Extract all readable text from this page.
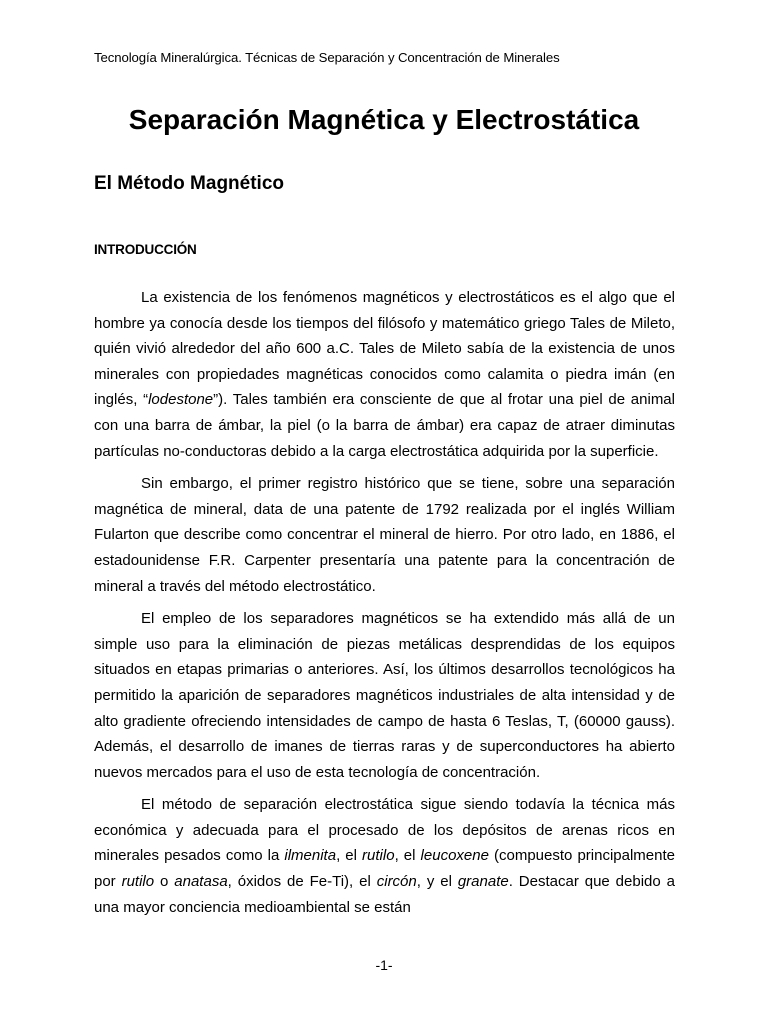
Tecnología Mineralúrgica. Técnicas de Separación y Concentración de Minerales
Separación Magnética y Electrostática
El Método Magnético
INTRODUCCIÓN

La existencia de los fenómenos magnéticos y electrostáticos es el algo que el hombre ya conocía desde los tiempos del filósofo y matemático griego Tales de Mileto, quién vivió alrededor del año 600 a.C. Tales de Mileto sabía de la existencia de unos minerales con propiedades magnéticas conocidos como calamita o piedra imán (en inglés, “lodestone”). Tales también era consciente de que al frotar una piel de animal con una barra de ámbar, la piel (o la barra de ámbar) era capaz de atraer diminutas partículas no-conductoras debido a la carga electrostática adquirida por la superficie.

Sin embargo, el primer registro histórico que se tiene, sobre una separación magnética de mineral, data de una patente de 1792 realizada por el inglés William Fularton que describe como concentrar el mineral de hierro. Por otro lado, en 1886, el estadounidense F.R. Carpenter presentaría una patente para la concentración de mineral a través del método electrostático.

El empleo de los separadores magnéticos se ha extendido más allá de un simple uso para la eliminación de piezas metálicas desprendidas de los equipos situados en etapas primarias o anteriores. Así, los últimos desarrollos tecnológicos ha permitido la aparición de separadores magnéticos industriales de alta intensidad y de alto gradiente ofreciendo intensidades de campo de hasta 6 Teslas, T, (60000 gauss). Además, el desarrollo de imanes de tierras raras y de superconductores ha abierto nuevos mercados para el uso de esta tecnología de concentración.

El método de separación electrostática sigue siendo todavía la técnica más económica y adecuada para el procesado de los depósitos de arenas ricos en minerales pesados como la ilmenita, el rutilo, el leucoxene (compuesto principalmente por rutilo o anatasa, óxidos de Fe-Ti), el circón, y el granate. Destacar que debido a una mayor conciencia medioambiental se están

-1-
